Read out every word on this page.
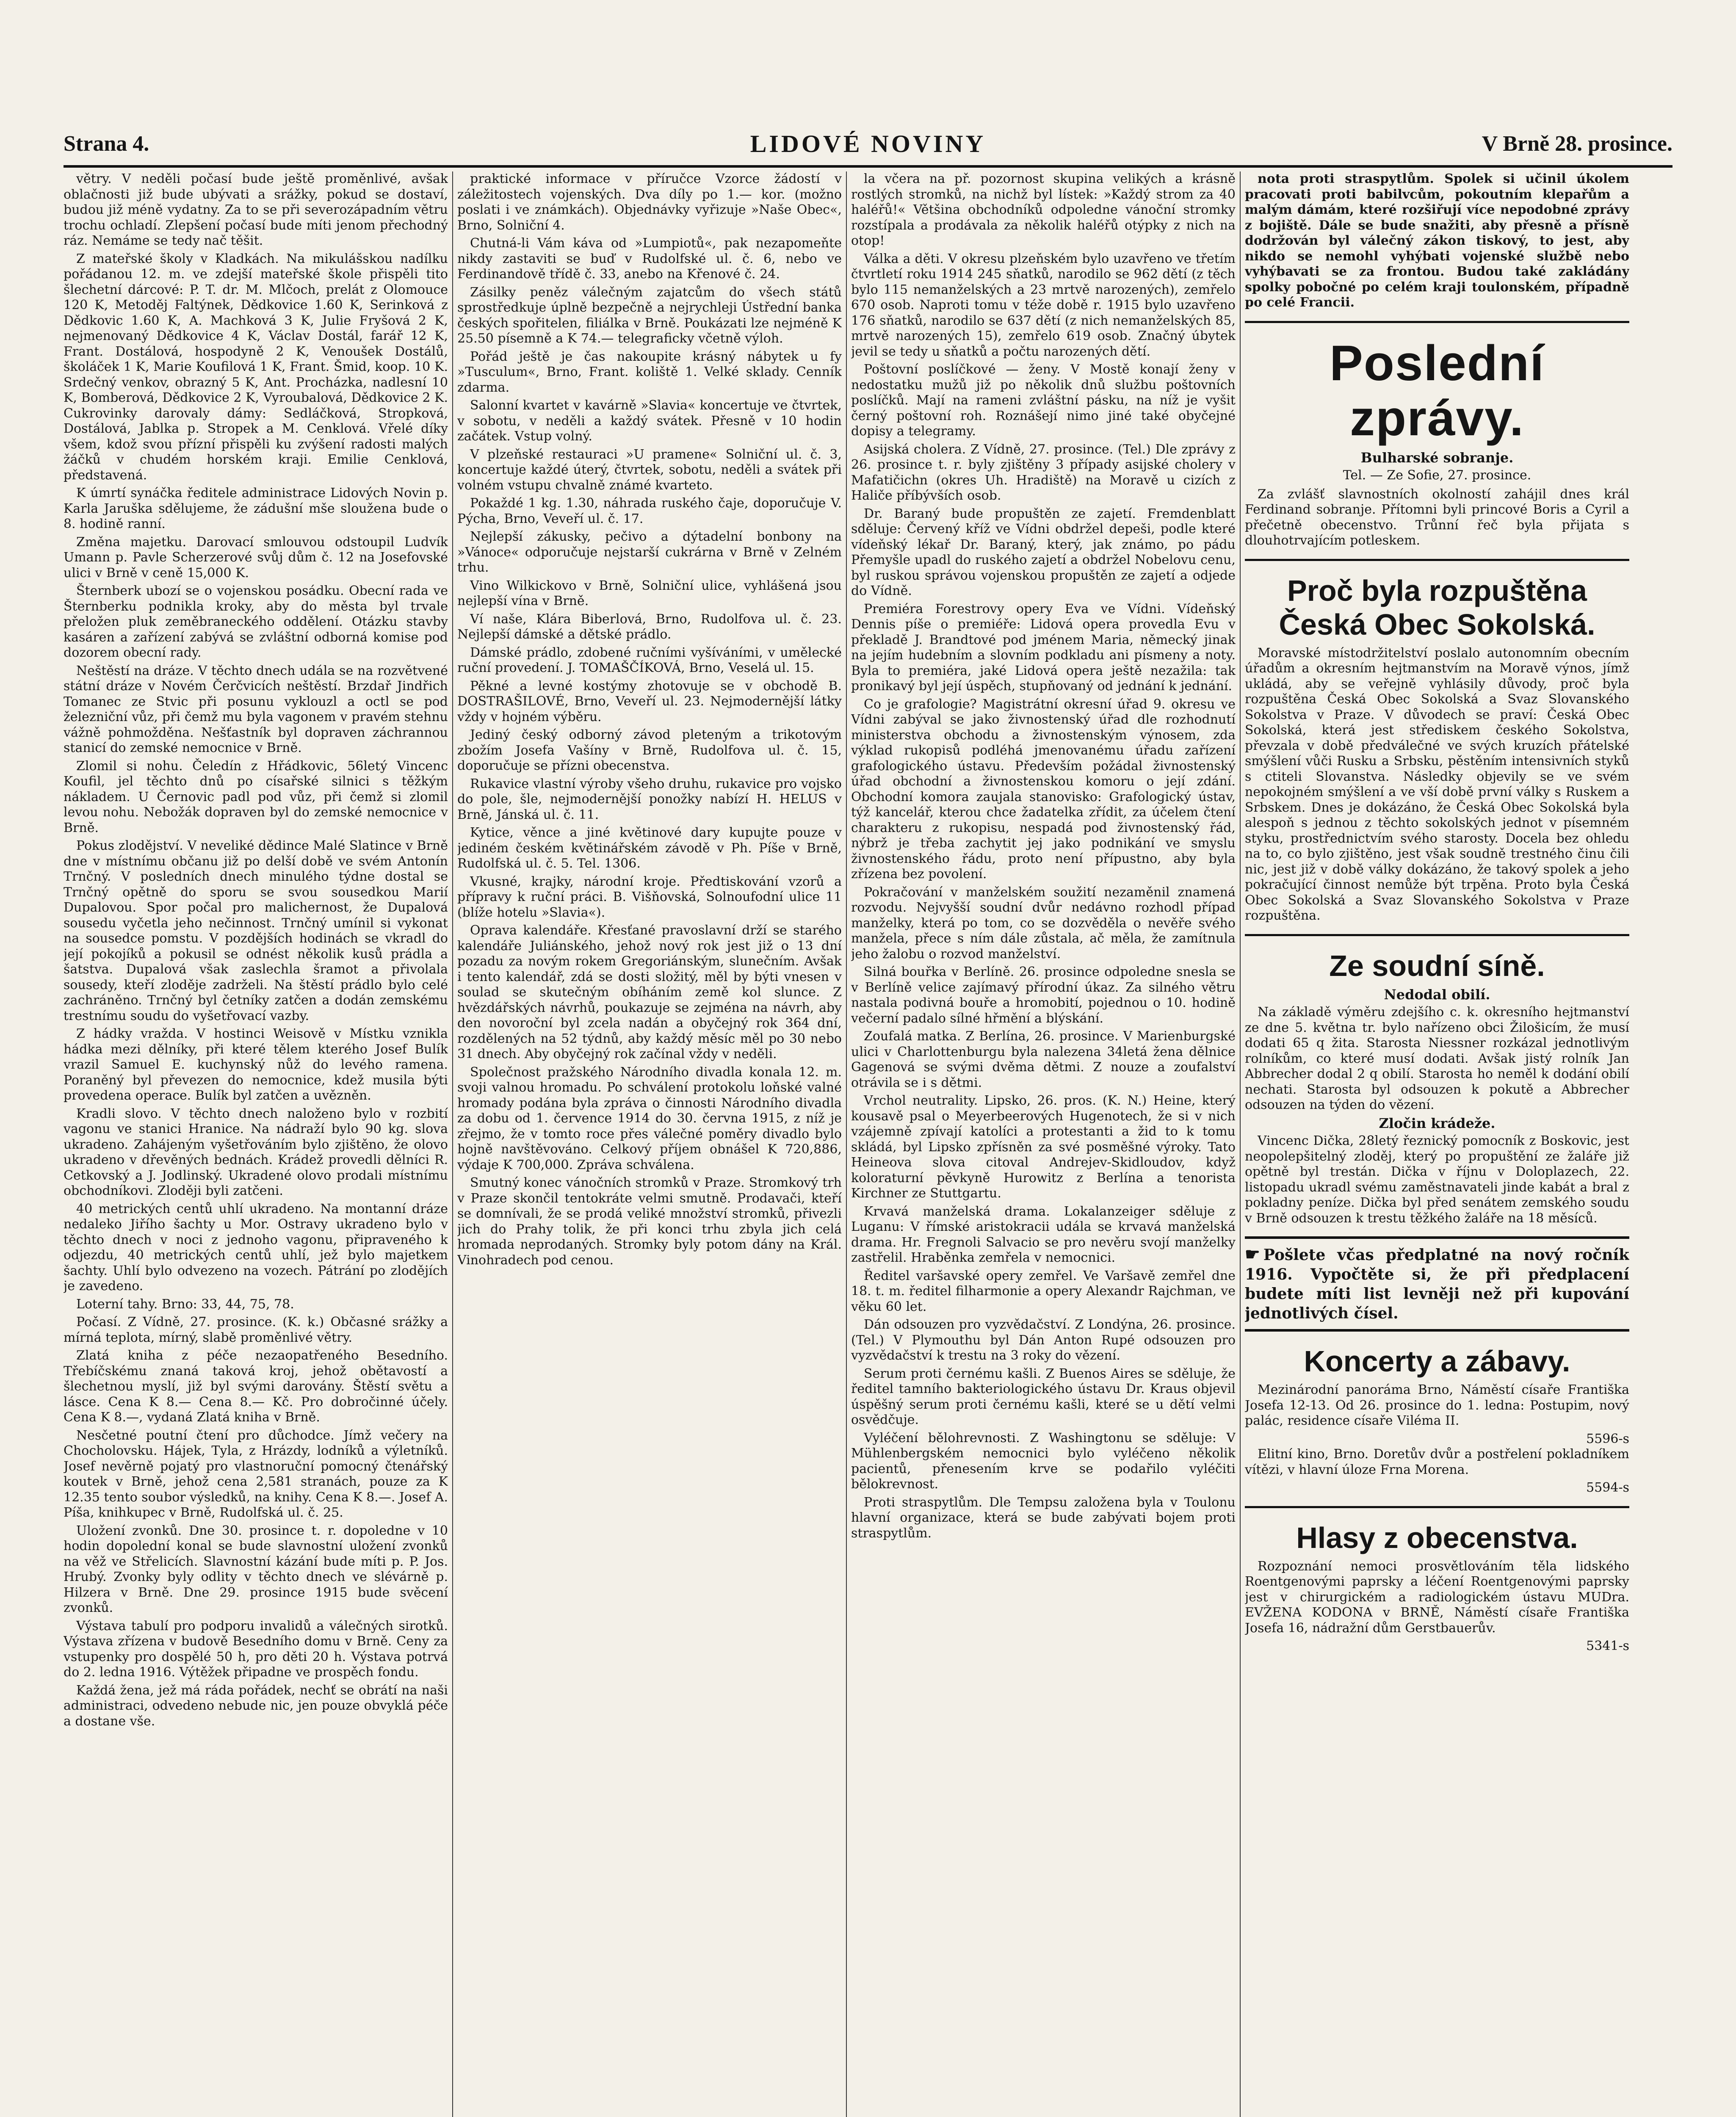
Strana 4.	LIDOVÉ NOVINY	V Brně 28. prosince.

větry. V neděli počasí bude ještě proměnlivé, avšak oblačnosti již bude ubývati a srážky, pokud se dostaví, budou již méně vydatny. Za to se při severozápadním větru trochu ochladí. Zlepšení počasí bude míti jenom přechodný ráz. Nemáme se tedy nač těšit.

Z mateřské školy v Kladkách. Na mikulášskou nadílku pořádanou 12. m. ve zdejší mateřské škole přispěli tito šlechetní dárcové: P. T. dr. M. Mlčoch, prelát z Olomouce 120 K, Metoděj Faltýnek, Dědkovice 1.60 K, Serinková z Dědkovic 1.60 K, A. Machková 3 K, Julie Fryšová 2 K, nejmenovaný Dědkovice 4 K, Václav Dostál, farář 12 K, Frant. Dostálová, hospodyně 2 K, Venoušek Dostálů, školáček 1 K, Marie Koufilová 1 K, Frant. Šmid, koop. 10 K. Srdečný venkov, obrazný 5 K, Ant. Procházka, nadlesní 10 K, Bomberová, Dědkovice 2 K, Vyroubalová, Dědkovice 2 K. Cukrovinky darovaly dámy: Sedláčková, Stropková, Dostálová, Jablka p. Stropek a M. Cenklová. Vřelé díky všem, kdož svou přízní přispěli ku zvýšení radosti malých žáčků v chudém horském kraji. Emilie Cenklová, představená.

K úmrtí synáčka ředitele administrace Lidových Novin p. Karla Jaruška sdělujeme, že zádušní mše sloužena bude o 8. hodině ranní.

Změna majetku. Darovací smlouvou odstoupil Ludvík Umann p. Pavle Scherzerové svůj dům č. 12 na Josefovské ulici v Brně v ceně 15,000 K.

Šternberk ubozí se o vojenskou posádku. Obecní rada ve Šternberku podnikla kroky, aby do města byl trvale přeložen pluk zeměbraneckého oddělení. Otázku stavby kasáren a zařízení zabývá se zvláštní odborná komise pod dozorem obecní rady.

Neštěstí na dráze. V těchto dnech udála se na rozvětvené státní dráze v Novém Čerčvicích neštěstí. Brzdař Jindřich Tomanec ze Stvic při posunu vyklouzl a octl se pod železniční vůz, při čemž mu byla vagonem v pravém stehnu vážně pohmožděna. Nešťastník byl dopraven záchrannou stanicí do zemské nemocnice v Brně.

Zlomil si nohu. Čeledín z Hřádkovic, 56letý Vincenc Koufil, jel těchto dnů po císařské silnici s těžkým nákladem. U Černovic padl pod vůz, při čemž si zlomil levou nohu. Nebožák dopraven byl do zemské nemocnice v Brně.

Pokus zlodějství. V neveliké dědince Malé Slatince v Brně dne v místnímu občanu již po delší době ve svém Antonín Trnčný. V posledních dnech minulého týdne dostal se Trnčný opětně do sporu se svou sousedkou Marií Dupalovou. Spor počal pro malichernost, že Dupalová sousedu vyčetla jeho nečinnost. Trnčný umínil si vykonat na sousedce pomstu. V pozdějších hodinách se vkradl do její pokojíků a pokusil se odnést několik kusů prádla a šatstva. Dupalová však zaslechla šramot a přivolala sousedy, kteří zloděje zadrželi. Na štěstí prádlo bylo celé zachráněno. Trnčný byl četníky zatčen a dodán zemskému trestnímu soudu do vyšetřovací vazby.

Z hádky vražda. V hostinci Weisově v Místku vznikla hádka mezi dělníky, při které tělem kterého Josef Bulík vrazil Samuel E. kuchynský nůž do levého ramena. Poraněný byl převezen do nemocnice, kdež musila býti provedena operace. Bulík byl zatčen a uvězněn.

Kradli slovo. V těchto dnech naloženo bylo v rozbití vagonu ve stanici Hranice. Na nádraží bylo 90 kg. slova ukradeno. Zahájeným vyšetřováním bylo zjištěno, že olovo ukradeno v dřevěných bednách. Krádež provedli dělníci R. Cetkovský a J. Jodlinský. Ukradené olovo prodali místnímu obchodníkovi. Zloději byli zatčeni.

40 metrických centů uhlí ukradeno. Na montanní dráze nedaleko Jiřího šachty u Mor. Ostravy ukradeno bylo v těchto dnech v noci z jednoho vagonu, připraveného k odjezdu, 40 metrických centů uhlí, jež bylo majetkem šachty. Uhlí bylo odvezeno na vozech. Pátrání po zlodějích je zavedeno.

Loterní tahy. Brno: 33, 44, 75, 78.

Počasí. Z Vídně, 27. prosince. (K. k.) Občasné srážky a mírná teplota, mírný, slabě proměnlivé větry.

Zlatá kniha z péče nezaopatřeného Besedního. Třebíčskému znaná taková kroj, jehož obětavostí a šlechetnou myslí, již byl svými darovány. Štěstí světu a lásce. Cena K 8.— Cena 8.— Kč. Pro dobročinné účely. Cena K 8.—, vydaná Zlatá kniha v Brně.

Nesčetné poutní čtení pro důchodce. Jímž večery na Chocholovsku. Hájek, Tyla, z Hrázdy, lodníků a výletníků. Josef nevěrně pojatý pro vlastnoruční pomocný čtenářský koutek v Brně, jehož cena 2,581 stranách, pouze za K 12.35 tento soubor výsledků, na knihy. Cena K 8.—. Josef A. Píša, knihkupec v Brně, Rudolfská ul. č. 25.

Uložení zvonků. Dne 30. prosince t. r. dopoledne v 10 hodin dopolední konal se bude slavnostní uložení zvonků na věž ve Střelicích. Slavnostní kázání bude míti p. P. Jos. Hrubý. Zvonky byly odlity v těchto dnech ve slévárně p. Hilzera v Brně. Dne 29. prosince 1915 bude svěcení zvonků.

Výstava tabulí pro podporu invalidů a válečných sirotků. Výstava zřízena v budově Besedního domu v Brně. Ceny za vstupenky pro dospělé 50 h, pro děti 20 h. Výstava potrvá do 2. ledna 1916. Výtěžek připadne ve prospěch fondu.

Každá žena, jež má ráda pořádek, nechť se obrátí na naši administraci, odvedeno nebude nic, jen pouze obvyklá péče a dostane vše.

praktické informace v příručce Vzorce žádostí v záležitostech vojenských. Dva díly po 1.— kor. (možno poslati i ve známkách). Objednávky vyřizuje »Naše Obec«, Brno, Solniční 4.

Chutná-li Vám káva od »Lumpiotů«, pak nezapomeňte nikdy zastaviti se buď v Rudolfské ul. č. 6, nebo ve Ferdinandově třídě č. 33, anebo na Křenové č. 24.

Zásilky peněz válečným zajatcům do všech států sprostředkuje úplně bezpečně a nejrychleji Ústřední banka českých spořitelen, filiálka v Brně. Poukázati lze nejméně K 25.50 písemně a K 74.— telegraficky včetně výloh.

Pořád ještě je čas nakoupite krásný nábytek u fy »Tusculum«, Brno, Frant. koliště 1. Velké sklady. Cenník zdarma.

Salonní kvartet v kavárně »Slavia« koncertuje ve čtvrtek, v sobotu, v neděli a každý svátek. Přesně v 10 hodin začátek. Vstup volný.

V plzeňské restauraci »U pramene« Solniční ul. č. 3, koncertuje každé úterý, čtvrtek, sobotu, neděli a svátek při volném vstupu chvalně známé kvarteto.

Pokaždé 1 kg. 1.30, náhrada ruského čaje, doporučuje V. Pýcha, Brno, Veveří ul. č. 17.

Nejlepší zákusky, pečivo a dýtadelní bonbony na »Vánoce« odporučuje nejstarší cukrárna v Brně v Zelném trhu.

Vino Wilkickovo v Brně, Solniční ulice, vyhlášená jsou nejlepší vína v Brně.

Ví naše, Klára Biberlová, Brno, Rudolfova ul. č. 23. Nejlepší dámské a dětské prádlo.

Dámské prádlo, zdobené ručními vyšíváními, v umělecké ruční provedení. J. TOMAŠČÍKOVÁ, Brno, Veselá ul. 15.

Pěkné a levné kostýmy zhotovuje se v obchodě B. DOSTRAŠILOVÉ, Brno, Veveří ul. 23. Nejmodernější látky vždy v hojném výběru.

Jediný český odborný závod pleteným a trikotovým zbožím Josefa Vašíny v Brně, Rudolfova ul. č. 15, doporučuje se přízni obecenstva.

Rukavice vlastní výroby všeho druhu, rukavice pro vojsko do pole, šle, nejmodernější ponožky nabízí H. HELUS v Brně, Jánská ul. č. 11.

Kytice, věnce a jiné květinové dary kupujte pouze v jediném českém květinářském závodě v Ph. Píše v Brně, Rudolfská ul. č. 5. Tel. 1306.

Vkusné, krajky, národní kroje. Předtiskování vzorů a přípravy k ruční práci. B. Višňovská, Solnoufodní ulice 11 (blíže hotelu »Slavia«).

Oprava kalendáře. Křesťané pravoslavní drží se starého kalendáře Juliánského, jehož nový rok jest již o 13 dní pozadu za novým rokem Gregoriánským, slunečním. Avšak i tento kalendář, zdá se dosti složitý, měl by býti vnesen v soulad se skutečným obíháním země kol slunce. Z hvězdářských návrhů, poukazuje se zejména na návrh, aby den novoroční byl zcela nadán a obyčejný rok 364 dní, rozdělených na 52 týdnů, aby každý měsíc měl po 30 nebo 31 dnech. Aby obyčejný rok začínal vždy v neděli.

Společnost pražského Národního divadla konala 12. m. svoji valnou hromadu. Po schválení protokolu loňské valné hromady podána byla zpráva o činnosti Národního divadla za dobu od 1. července 1914 do 30. června 1915, z níž je zřejmo, že v tomto roce přes válečné poměry divadlo bylo hojně navštěvováno. Celkový příjem obnášel K 720,886, výdaje K 700,000. Zpráva schválena.

Smutný konec vánočních stromků v Praze. Stromkový trh v Praze skončil tentokráte velmi smutně. Prodavači, kteří se domnívali, že se prodá veliké množství stromků, přivezli jich do Prahy tolik, že při konci trhu zbyla jich celá hromada neprodaných. Stromky byly potom dány na Král. Vinohradech pod cenou.

la včera na př. pozornost skupina velikých a krásně rostlých stromků, na nichž byl lístek: »Každý strom za 40 haléřů!« Většina obchodníků odpoledne vánoční stromky rozstípala a prodávala za několik haléřů otýpky z nich na otop!

Válka a děti. V okresu plzeňském bylo uzavřeno ve třetím čtvrtletí roku 1914 245 sňatků, narodilo se 962 dětí (z těch bylo 115 nemanželských a 23 mrtvě narozených), zemřelo 670 osob. Naproti tomu v téže době r. 1915 bylo uzavřeno 176 sňatků, narodilo se 637 dětí (z nich nemanželských 85, mrtvě narozených 15), zemřelo 619 osob. Značný úbytek jevil se tedy u sňatků a počtu narozených dětí.

Poštovní poslíčkové — ženy. V Mostě konají ženy v nedostatku mužů již po několik dnů službu poštovních poslíčků. Mají na rameni zvláštní pásku, na níž je vyšit černý poštovní roh. Roznášejí nimo jiné také obyčejné dopisy a telegramy.

Asijská cholera. Z Vídně, 27. prosince. (Tel.) Dle zprávy z 26. prosince t. r. byly zjištěny 3 případy asijské cholery v Mafatičichn (okres Uh. Hradiště) na Moravě u cizích z Haliče příbývších osob.

Dr. Baraný bude propuštěn ze zajetí. Fremdenblatt sděluje: Červený kříž ve Vídni obdržel depeši, podle které vídeňský lékař Dr. Baraný, který, jak známo, po pádu Přemyšle upadl do ruského zajetí a obdržel Nobelovu cenu, byl ruskou správou vojenskou propuštěn ze zajetí a odjede do Vídně.

Premiéra Forestrovy opery Eva ve Vídni. Vídeňský Dennis píše o premiéře: Lidová opera provedla Evu v překladě J. Brandtové pod jménem Maria, německý jinak na jejím hudebním a slovním podkladu ani písmeny a noty. Byla to premiéra, jaké Lidová opera ještě nezažila: tak pronikavý byl její úspěch, stupňovaný od jednání k jednání.

Co je grafologie? Magistrátní okresní úřad 9. okresu ve Vídni zabýval se jako živnostenský úřad dle rozhodnutí ministerstva obchodu a živnostenským výnosem, zda výklad rukopisů podléhá jmenovanému úřadu zařízení grafologického ústavu. Především požádal živnostenský úřad obchodní a živnostenskou komoru o její zdání. Obchodní komora zaujala stanovisko: Grafologický ústav, týž kancelář, kterou chce žadatelka zřídit, za účelem čtení charakteru z rukopisu, nespadá pod živnostenský řád, nýbrž je třeba zachytit jej jako podnikání ve smyslu živnostenského řádu, proto není přípustno, aby byla zřízena bez povolení.

Pokračování v manželském soužití nezaměnil znamená rozvodu. Nejvyšší soudní dvůr nedávno rozhodl případ manželky, která po tom, co se dozvěděla o nevěře svého manžela, přece s ním dále zůstala, ač měla, že zamítnula jeho žalobu o rozvod manželství.

Silná bouřka v Berlíně. 26. prosince odpoledne snesla se v Berlíně velice zajímavý přírodní úkaz. Za silného větru nastala podivná bouře a hromobití, pojednou o 10. hodině večerní padalo sílné hřmění a blýskání.

Zoufalá matka. Z Berlína, 26. prosince. V Marienburgské ulici v Charlottenburgu byla nalezena 34letá žena dělnice Gagenová se svými dvěma dětmi. Z nouze a zoufalství otrávila se i s dětmi.

Vrchol neutrality. Lipsko, 26. pros. (K. N.) Heine, který kousavě psal o Meyerbeerových Hugenotech, že si v nich vzájemně zpívají katolíci a protestanti a žid to k tomu skládá, byl Lipsko zpřísněn za své posměšné výroky. Tato Heineova slova citoval Andrejev-Skidloudov, když koloraturní pěvkyně Hurowitz z Berlína a tenorista Kirchner ze Stuttgartu.

Krvavá manželská drama. Lokalanzeiger sděluje z Luganu: V římské aristokracii udála se krvavá manželská drama. Hr. Fregnoli Salvacio se pro nevěru svojí manželky zastřelil. Hraběnka zemřela v nemocnici.

Ředitel varšavské opery zemřel. Ve Varšavě zemřel dne 18. t. m. ředitel filharmonie a opery Alexandr Rajchman, ve věku 60 let.

Dán odsouzen pro vyzvědačství. Z Londýna, 26. prosince. (Tel.) V Plymouthu byl Dán Anton Rupé odsouzen pro vyzvědačství k trestu na 3 roky do vězení.

Serum proti černému kašli. Z Buenos Aires se sděluje, že ředitel tamního bakteriologického ústavu Dr. Kraus objevil úspěšný serum proti černému kašli, které se u dětí velmi osvědčuje.

Vyléčení bělohrevnosti. Z Washingtonu se sděluje: V Mühlenbergském nemocnici bylo vyléčeno několik pacientů, přenesením krve se podařilo vyléčiti bělokrevnost.

Proti straspytlům. Dle Tempsu založena byla v Toulonu hlavní organizace, která se bude zabývati bojem proti straspytlům.

nota proti straspytlům. Spolek si učinil úkolem pracovati proti babilvcům, pokoutním klepařům a malým dámám, které rozšiřují více nepodobné zprávy z bojiště. Dále se bude snažiti, aby přesně a přísně dodržován byl válečný zákon tiskový, to jest, aby nikdo se nemohl vyhýbati vojenské službě nebo vyhýbavati se za frontou. Budou také zakládány spolky pobočné po celém kraji toulonském, případně po celé Francii.

Poslední zprávy.
Bulharské sobranje.
Tel. — Ze Sofie, 27. prosince.

Za zvlášť slavnostních okolností zahájil dnes král Ferdinand sobranje. Přítomni byli princové Boris a Cyril a přečetně obecenstvo. Trůnní řeč byla přijata s dlouhotrvajícím potleskem.

Proč byla rozpuštěna Česká Obec Sokolská.

Moravské místodržitelství poslalo autonomním obecním úřadům a okresním hejtmanstvím na Moravě výnos, jímž ukládá, aby se veřejně vyhlásily důvody, proč byla rozpuštěna Česká Obec Sokolská a Svaz Slovanského Sokolstva v Praze. V důvodech se praví: Česká Obec Sokolská, která jest střediskem českého Sokolstva, převzala v době předválečné ve svých kruzích přátelské smýšlení vůči Rusku a Srbsku, pěstěním intensivních styků s ctiteli Slovanstva. Následky objevily se ve svém nepokojném smýšlení a ve vší době první války s Ruskem a Srbskem. Dnes je dokázáno, že Česká Obec Sokolská byla alespoň s jednou z těchto sokolských jednot v písemném styku, prostřednictvím svého starosty. Docela bez ohledu na to, co bylo zjištěno, jest však soudně trestného činu čili nic, jest již v době války dokázáno, že takový spolek a jeho pokračující činnost nemůže být trpěna. Proto byla Česká Obec Sokolská a Svaz Slovanského Sokolstva v Praze rozpuštěna.

Ze soudní síně.
Nedodal obilí.

Na základě výměru zdejšího c. k. okresního hejtmanství ze dne 5. května tr. bylo nařízeno obci Žilošicím, že musí dodati 65 q žita. Starosta Niessner rozkázal jednotlivým rolníkům, co které musí dodati. Avšak jistý rolník Jan Abbrecher dodal 2 q obilí. Starosta ho neměl k dodání obilí nechati. Starosta byl odsouzen k pokutě a Abbrecher odsouzen na týden do vězení.

Zločin krádeže.

Vincenc Dička, 28letý řeznický pomocník z Boskovic, jest neopolepšitelný zloděj, který po propuštění ze žaláře již opětně byl trestán. Dička v říjnu v Doloplazech, 22. listopadu ukradl svému zaměstnavateli jinde kabát a bral z pokladny peníze. Dička byl před senátem zemského soudu v Brně odsouzen k trestu těžkého žaláře na 18 měsíců.

☛ Pošlete včas předplatné na nový ročník 1916. Vypočtěte si, že při předplacení budete míti list levněji než při kupování jednotlivých čísel.
Koncerty a zábavy.

Mezinárodní panoráma Brno, Náměstí císaře Františka Josefa 12-13. Od 26. prosince do 1. ledna: Postupim, nový palác, residence císaře Viléma II.

5596-s

Elitní kino, Brno. Doretův dvůr a postřelení pokladníkem vítězi, v hlavní úloze Frna Morena.

5594-s

Hlasy z obecenstva.

Rozpoznání nemoci prosvětlováním těla lidského Roentgenovými paprsky a léčení Roentgenovými paprsky jest v chirurgickém a radiologickém ústavu MUDra. EVŽENA KODONA v BRNĚ, Náměstí císaře Františka Josefa 16, nádražní dům Gerstbauerův.

5341-s
